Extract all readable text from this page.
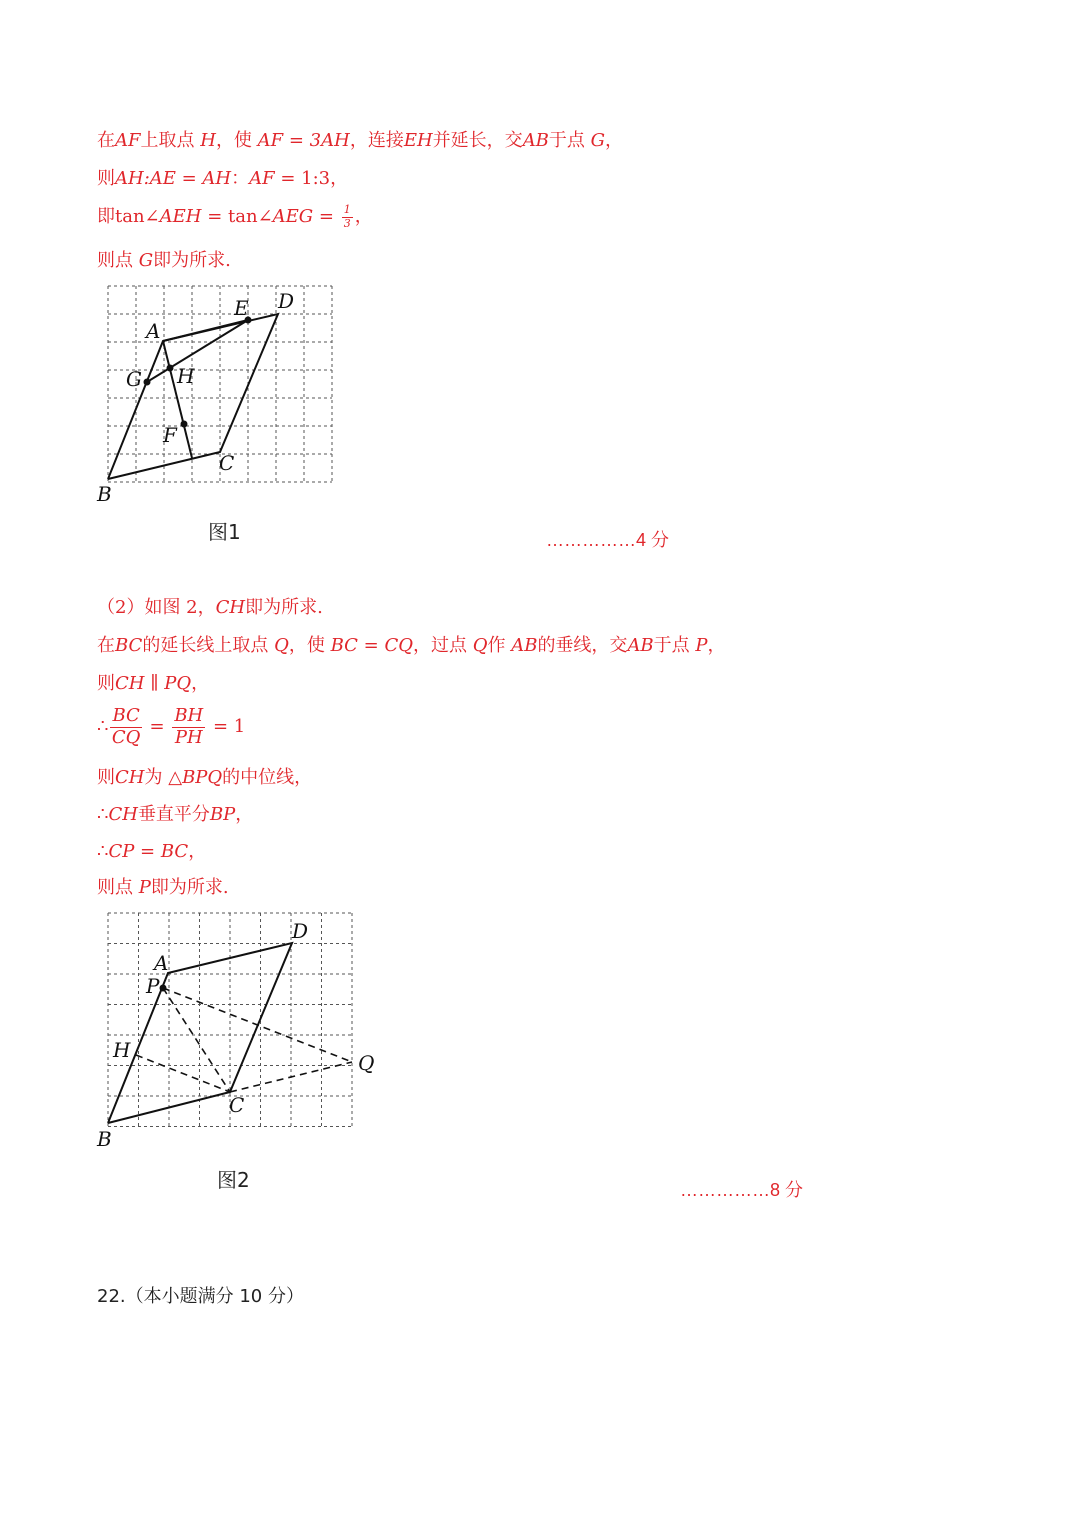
在AF上取点 H，使 AF = 3AH，连接EH并延长，交AB于点 G，
则AH:AE = AH：AF = 1:3，
即tan∠AEH = tan∠AEG = $\frac{1}{3}$ ，
则点 G即为所求.
A
B
C
D
E
F
G H
图1	……………4 分
（2）如图 2，CH即为所求.
在BC的延长线上取点 Q，使 BC = CQ，过点 Q作 AB的垂线，交AB于点 P，
则CH ∥ PQ，
∴ $\frac{BC}{CQ} = \frac{BH}{PH} = 1$
则CH为 △BPQ的中位线，
∴CH垂直平分BP，
∴CP = BC，
则点 P即为所求.
A
B
C
D
H
P
Q
图2	……………8 分
22.（本小题满分 10 分）
